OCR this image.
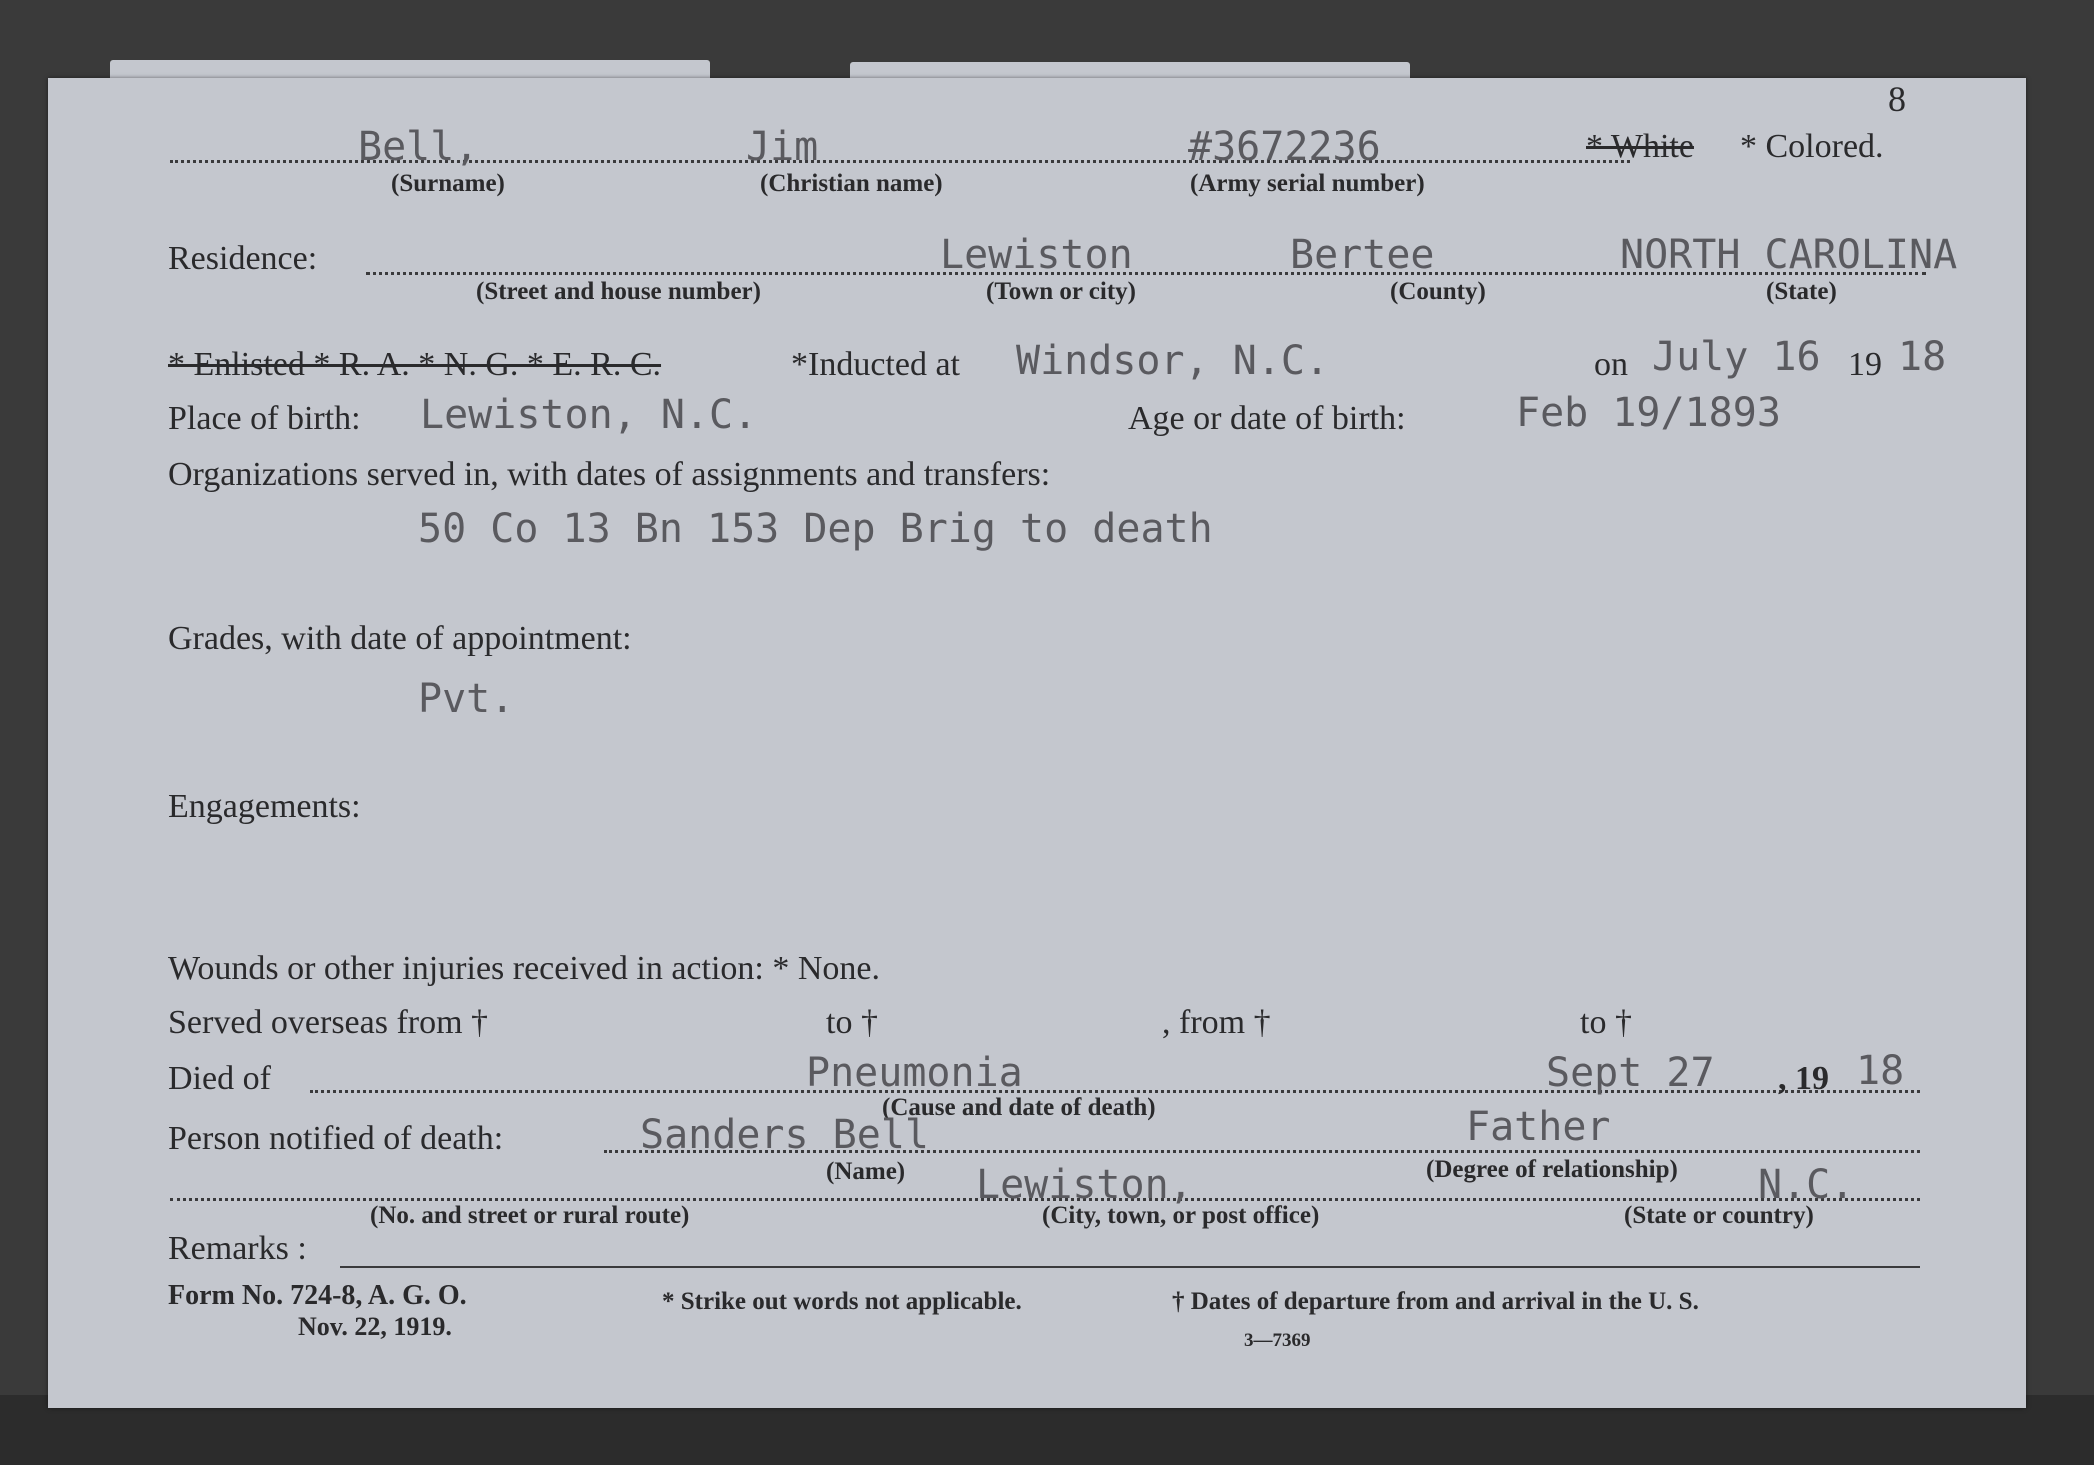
8
Bell,	Jim	#3672236	* White * Colored.
(Surname)	(Christian name)	(Army serial number)
Residence:	Lewiston	Bertee	NORTH CAROLINA
(Street and house number)	(Town or city)	(County)	(State)
* Enlisted * R. A. * N. G. * E. R. C.	*Inducted at Windsor, N.C.	on July 16 19 18
Place of birth: Lewiston, N.C.	Age or date of birth:	Feb 19/1893
Organizations served in, with dates of assignments and transfers:
50 Co 13 Bn 153 Dep Brig to death
Grades, with date of appointment:
Pvt.
Engagements:
Wounds or other injuries received in action: * None.
Served overseas from †	to †	, from †	to †
Died of	Pneumonia	Sept 27 , 19 18
(Cause and date of death)
Person notified of death:	Sanders Bell	Father
(Name)	(Degree of relationship)
Lewiston,	N.C.
(No. and street or rural route)	(City, town, or post office)	(State or country)
Remarks :
Form No. 724-8, A. G. O.
Nov. 22, 1919.
* Strike out words not applicable.	† Dates of departure from and arrival in the U. S.
3—7369
